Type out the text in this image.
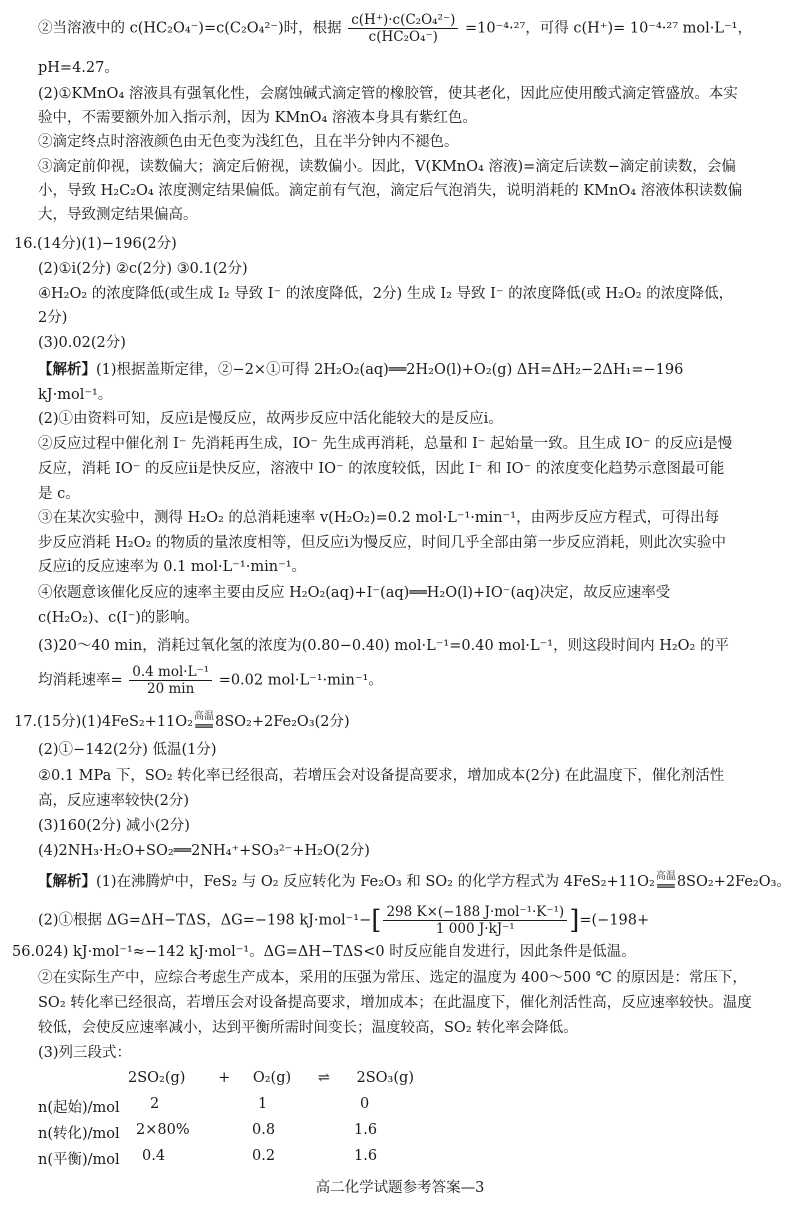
②当溶液中的 c(HC₂O₄⁻)=c(C₂O₄²⁻)时，根据 $\frac{\text{c(H⁺)·c(C₂O₄²⁻)}}{\text{c(HC₂O₄⁻)}} =10^{-4}\cdot^{27}$，可得 c(H⁺)= 10⁻⁴·²⁷ mol·L⁻¹，
pH=4.27。
(2)①KMnO₄ 溶液具有强氧化性，会腐蚀碱式滴定管的橡胶管，使其老化，因此应使用酸式滴定管盛放。本实
验中，不需要额外加入指示剂，因为 KMnO₄ 溶液本身具有紫红色。
②滴定终点时溶液颜色由无色变为浅红色，且在半分钟内不褪色。
③滴定前仰视，读数偏大；滴定后俯视，读数偏小。因此，V(KMnO₄ 溶液)=滴定后读数−滴定前读数，会偏
小，导致 H₂C₂O₄ 浓度测定结果偏低。滴定前有气泡，滴定后气泡消失，说明消耗的 KMnO₄ 溶液体积读数偏
大，导致测定结果偏高。
16.(14分)(1)−196(2分)
(2)①ⅰ(2分) ②c(2分) ③0.1(2分)
④H₂O₂ 的浓度降低(或生成 I₂ 导致 I⁻ 的浓度降低，2分) 生成 I₂ 导致 I⁻ 的浓度降低(或 H₂O₂ 的浓度降低，
2分)
(3)0.02(2分)
【解析】(1)根据盖斯定律，②−2×①可得 2H₂O₂(aq)══2H₂O(l)+O₂(g) ΔH=ΔH₂−2ΔH₁=−196
kJ·mol⁻¹。
(2)①由资料可知，反应ⅰ是慢反应，故两步反应中活化能较大的是反应ⅰ。
②反应过程中催化剂 I⁻ 先消耗再生成，IO⁻ 先生成再消耗，总量和 I⁻ 起始量一致。且生成 IO⁻ 的反应ⅰ是慢
反应，消耗 IO⁻ 的反应ⅱ是快反应，溶液中 IO⁻ 的浓度较低，因此 I⁻ 和 IO⁻ 的浓度变化趋势示意图最可能
是 c。
③在某次实验中，测得 H₂O₂ 的总消耗速率 v(H₂O₂)=0.2 mol·L⁻¹·min⁻¹，由两步反应方程式，可得出每
步反应消耗 H₂O₂ 的物质的量浓度相等，但反应ⅰ为慢反应，时间几乎全部由第一步反应消耗，则此次实验中
反应ⅰ的反应速率为 0.1 mol·L⁻¹·min⁻¹。
④依题意该催化反应的速率主要由反应 H₂O₂(aq)+I⁻(aq)══H₂O(l)+IO⁻(aq)决定，故反应速率受
c(H₂O₂)、c(I⁻)的影响。
(3)20～40 min，消耗过氧化氢的浓度为(0.80−0.40) mol·L⁻¹=0.40 mol·L⁻¹，则这段时间内 H₂O₂ 的平
均消耗速率= $\frac{\text{0.4 mol·L⁻¹}}{20 \min} =0.02$ mol·L⁻¹·min⁻¹。
17.(15分)(1)4FeS₂+11O₂ 高温
══ 8SO₂+2Fe₂O₃(2分)
(2)①−142(2分) 低温(1分)
②0.1 MPa 下，SO₂ 转化率已经很高，若增压会对设备提高要求，增加成本(2分) 在此温度下，催化剂活性
高，反应速率较快(2分)
(3)160(2分) 减小(2分)
(4)2NH₃·H₂O+SO₂══2NH₄⁺+SO₃²⁻+H₂O(2分)
【解析】(1)在沸腾炉中，FeS₂ 与 O₂ 反应转化为 Fe₂O₃ 和 SO₂ 的化学方程式为 4FeS₂+11O₂ 高温
══ 8SO₂+2Fe₂O₃。
(2)①根据 ΔG=ΔH−TΔS，ΔG=−198 $kJ\cdot mol^{-1}-[ \frac{\text{298 K×(−188 J·mol⁻¹·K⁻¹)}}{\text{1 000 J·kJ⁻¹}} ]=(-198+$
56.024) kJ·mol⁻¹≈−142 kJ·mol⁻¹。ΔG=ΔH−TΔS<0 时反应能自发进行，因此条件是低温。
②在实际生产中，应综合考虑生产成本，采用的压强为常压、选定的温度为 400～500 ℃ 的原因是：常压下，
SO₂ 转化率已经很高，若增压会对设备提高要求，增加成本；在此温度下，催化剂活性高，反应速率较快。温度
较低，会使反应速率减小，达到平衡所需时间变长；温度较高，SO₂ 转化率会降低。
(3)列三段式：
2SO₂(g) + O₂(g) ⇌ 2SO₃(g)
n(起始)/mol 2	1	0
n(转化)/mol 2×80%	0.8	1.6
n(平衡)/mol 0.4	0.2	1.6
高二化学试题参考答案—3
